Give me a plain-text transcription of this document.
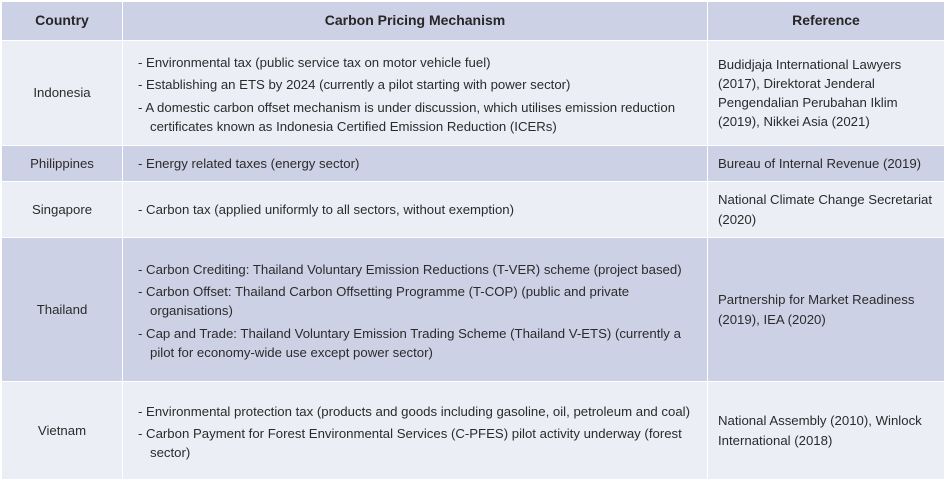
Country	Carbon Pricing Mechanism	Reference
Indonesia	- Environmental tax (public service tax on motor vehicle fuel)
- Establishing an ETS by 2024 (currently a pilot starting with power sector)
- A domestic carbon offset mechanism is under discussion, which utilises emission reduction certificates known as Indonesia Certified Emission Reduction (ICERs)	Budidjaja International Lawyers (2017), Direktorat Jenderal Pengendalian Perubahan Iklim (2019), Nikkei Asia (2021)
Philippines	- Energy related taxes (energy sector)	Bureau of Internal Revenue (2019)
Singapore	- Carbon tax (applied uniformly to all sectors, without exemption)	National Climate Change Secretariat (2020)
Thailand	- Carbon Crediting: Thailand Voluntary Emission Reductions (T-VER) scheme (project based)
- Carbon Offset: Thailand Carbon Offsetting Programme (T-COP) (public and private organisations)
- Cap and Trade: Thailand Voluntary Emission Trading Scheme (Thailand V-ETS) (currently a pilot for economy-wide use except power sector)	Partnership for Market Readiness (2019), IEA (2020)
Vietnam	- Environmental protection tax (products and goods including gasoline, oil, petroleum and coal)
- Carbon Payment for Forest Environmental Services (C-PFES) pilot activity underway (forest sector)	National Assembly (2010), Winlock International (2018)
